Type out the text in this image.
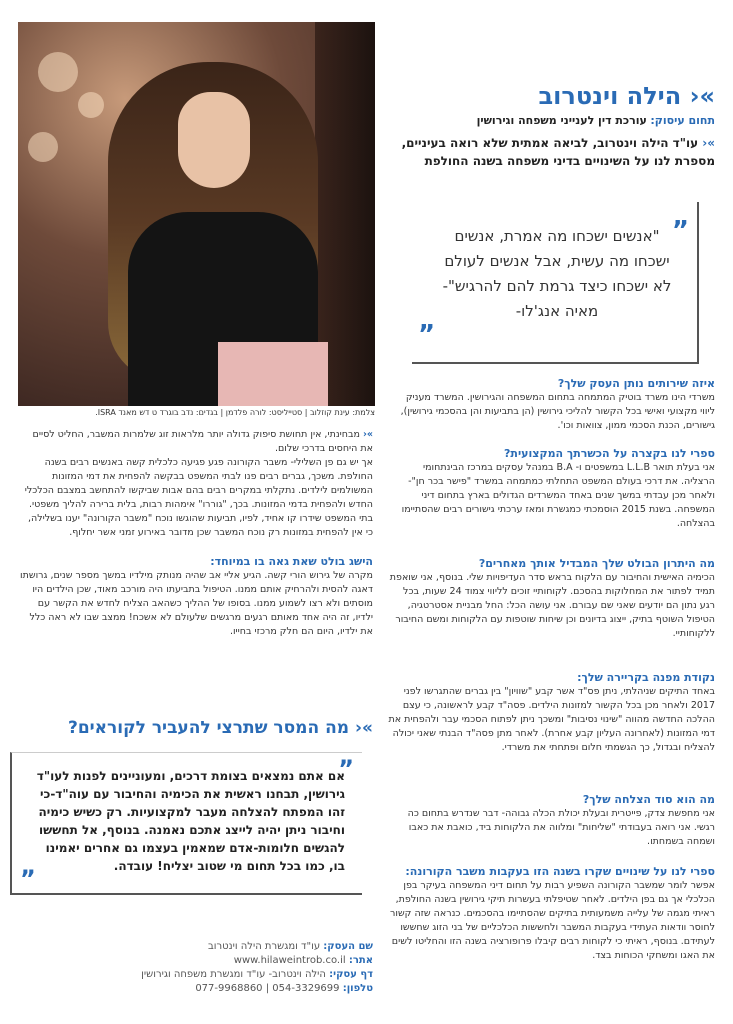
צלמת: עינת קוזלוב | סטייליסט: לורה פלדמן | בגדים: נדב בוגרד ט דש מאנד ISRA.
»‹ הילה וינטרוב
תחום עיסוק: עורכת דין לענייני משפחה וגירושין
»‹ עו"ד הילה וינטרוב, לביאה אמתית שלא רואה בעיניים, מספרת לנו על השינויים בדיני משפחה בשנה החולפת
”
"אנשים ישכחו מה אמרת, אנשים ישכחו מה עשית, אבל אנשים לעולם לא ישכחו כיצד גרמת להם להרגיש"- מאיה אנג'לו-
”
איזה שירותים נותן העסק שלך?

משרדי הינו משרד בוטיק המתמחה בתחום המשפחה והגירושין. המשרד מעניק ליווי מקצועי ואישי בכל הקשור להליכי גירושין (הן בתביעות והן בהסכמי גירושין), גישורים, הכנת הסכמי ממון, צוואות וכו'.

ספרי לנו בקצרה על הכשרתך המקצועית?

אני בעלת תואר L.L.B במשפטים ו- B.A במנהל עסקים במרכז הבינתחומי הרצליה. את דרכי בעולם המשפט התחלתי כמתמחה במשרד "פישר בכר חן"- ולאחר מכן עבדתי במשך שנים באחד המשרדים הגדולים בארץ בתחום דיני המשפחה. בשנת 2015 הוסמכתי כמגשרת ומאז ערכתי גישורים רבים שהסתיימו בהצלחה.

מה היתרון הבולט שלך המבדיל אותך מאחרים?

הכימיה האישית והחיבור עם הלקוח בראש סדר העדיפויות שלי. בנוסף, אני שואפת תמיד לפתור את המחלוקות בהסכם. לקוחותיי זוכים לליווי צמוד 24 שעות, בכל רגע נתון הם יודעים שאני שם עבורם. אני עושה הכל: החל מבניית אסטרטגיה, הטיפול השוטף בתיק, ייצוג בדיונים וכן שיחות שוטפות עם הלקוחות ומשם החיבור ללקוחותיי.

נקודת מפנה בקריירה שלך:

באחד התיקים שניהלתי, ניתן פס"ד אשר קבע "שוויון" בין גברים שהתגרשו לפני 2017 ולאחר מכן בכל הקשור למזונות הילדים. פסה"ד קבע לראשונה, כי עצם ההלכה החדשה מהווה "שינוי נסיבות" ומשכך ניתן לפתוח הסכמי עבר ולהפחית את דמי המזונות (לאחרונה העליון קבע אחרת). לאחר מתן פסה"ד הבנתי שאני יכולה להצליח ובגדול, כך הגשמתי חלום ופתחתי את משרדי.

מה הוא סוד הצלחה שלך?

אני מחפשת צדק, פייטרית ובעלת יכולת הכלה גבוהה- דבר שנדרש בתחום כה רגשי. אני רואה בעבודתי "שליחות" ומלווה את הלקוחות ביד, כואבת את כאבו ושמחה בשמחתו.

ספרי לנו על שינויים שקרו בשנה הזו בעקבות משבר הקורונה:

אפשר לומר שמשבר הקורונה השפיע רבות על תחום דיני המשפחה בעיקר בפן הכלכלי אך גם בפן הילדים. לאחר שטיפלתי בעשרות תיקי גירושין בשנה החולפת, ראיתי מגמה של עלייה משמעותית בתיקים שהסתיימו בהסכמים. כנראה שזה קשור לחוסר וודאות העתידי בעקבות המשבר ולחששות הכלכליים של בני הזוג שחששו לעתידם. בנוסף, ראיתי כי לקוחות רבים קיבלו פרופורציה בשנה הזו והחליטו לשים את האגו ומשחקי הכוחות בצד.

»‹ מבחינתי, אין תחושת סיפוק גדולה יותר מלראות זוג שלמרות המשבר, החליט לסיים את היחסים בדרכי שלום.

אך יש גם פן השלילי- משבר הקורונה פגע פגיעה כלכלית קשה באנשים רבים בשנה החולפת. משכך, גברים רבים פנו לבתי המשפט בבקשה להפחית את דמי המזונות המשולמים לילדים. נתקלתי במקרים רבים בהם אבות שביקשו להתחשב במצבם הכלכלי החדש ולהפחית בדמי המזונות. בכך, "גוררו" אימהות רבות, בלית ברירה להליך משפטי.

בתי המשפט שידרו קו אחיד, לפיו, תביעות שהוגשו נוכח "משבר הקורונה" יענו בשלילה, כי אין להפחית במזונות רק נוכח המשבר שכן מדובר באירוע זמני אשר יחלוף.

הישג בולט שאת גאה בו במיוחד:

מקרה של גירוש הורי קשה. הגיע אליי אב שהיה מנותק מילדיו במשך מספר שנים, גרושתו דאגה להסית ולהרחיק אותם ממנו. הטיפול בתביעתו היה מורכב מאוד, שכן הילדים היו מוסתים ולא רצו לשמוע ממנו. בסופו של ההליך כשהאב הצליח לחדש את הקשר עם ילדיו, זה היה אחד מאותם רגעים מרגשים שלעולם לא אשכח! ממצב שבו לא ראה כלל את ילדיו, היום הם חלק מרכזי בחייו.

»‹ מה המסר שתרצי להעביר לקוראים?
”
אם אתם נמצאים בצומת דרכים, ומעוניינים לפנות לעו"ד גירושין, תבחנו ראשית את הכימיה והחיבור עם עוה"ד-כי זהו המפתח להצלחה מעבר למקצועיות. רק כשיש כימיה וחיבור ניתן יהיה לייצג אתכם נאמנה. בנוסף, אל תחששו להגשים חלומות-אדם שמאמין בעצמו גם אחרים יאמינו בו, כמו בכל תחום מי שטוב יצליח! עובדה.
”
שם העסק: עו"ד ומגשרת הילה וינטרוב
אתר: www.hilaweintrob.co.il
דף עסקי: הילה וינטרוב- עו"ד ומגשרת משפחה וגירושין
טלפון: 054-3329699 | 077-9968860
